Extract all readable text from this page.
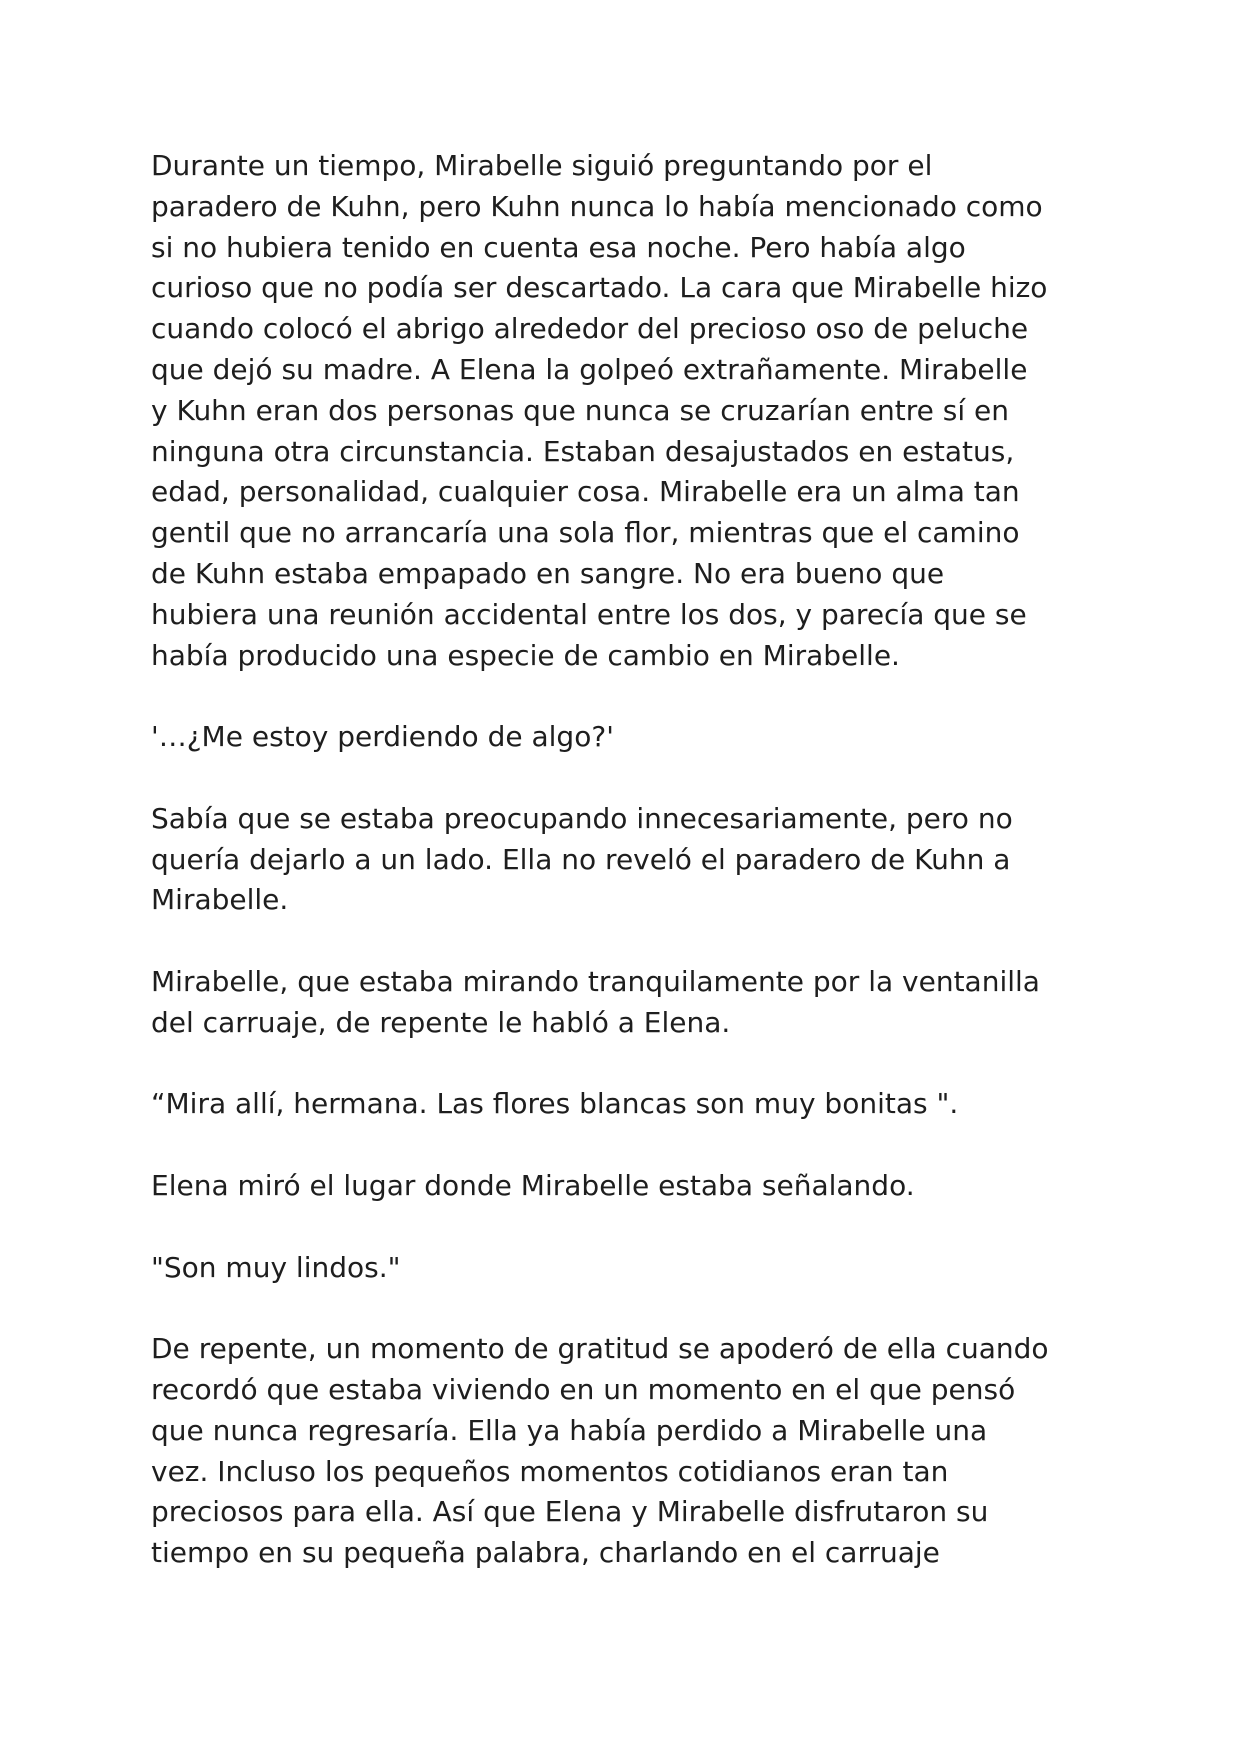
Durante un tiempo, Mirabelle siguió preguntando por el
paradero de Kuhn, pero Kuhn nunca lo había mencionado como
si no hubiera tenido en cuenta esa noche. Pero había algo
curioso que no podía ser descartado. La cara que Mirabelle hizo
cuando colocó el abrigo alrededor del precioso oso de peluche
que dejó su madre. A Elena la golpeó extrañamente. Mirabelle
y Kuhn eran dos personas que nunca se cruzarían entre sí en
ninguna otra circunstancia. Estaban desajustados en estatus,
edad, personalidad, cualquier cosa. Mirabelle era un alma tan
gentil que no arrancaría una sola flor, mientras que el camino
de Kuhn estaba empapado en sangre. No era bueno que
hubiera una reunión accidental entre los dos, y parecía que se
había producido una especie de cambio en Mirabelle.

'…¿Me estoy perdiendo de algo?'

Sabía que se estaba preocupando innecesariamente, pero no
quería dejarlo a un lado. Ella no reveló el paradero de Kuhn a
Mirabelle.

Mirabelle, que estaba mirando tranquilamente por la ventanilla
del carruaje, de repente le habló a Elena.

“Mira allí, hermana. Las flores blancas son muy bonitas ".

Elena miró el lugar donde Mirabelle estaba señalando.

"Son muy lindos."

De repente, un momento de gratitud se apoderó de ella cuando
recordó que estaba viviendo en un momento en el que pensó
que nunca regresaría. Ella ya había perdido a Mirabelle una
vez. Incluso los pequeños momentos cotidianos eran tan
preciosos para ella. Así que Elena y Mirabelle disfrutaron su
tiempo en su pequeña palabra, charlando en el carruaje
